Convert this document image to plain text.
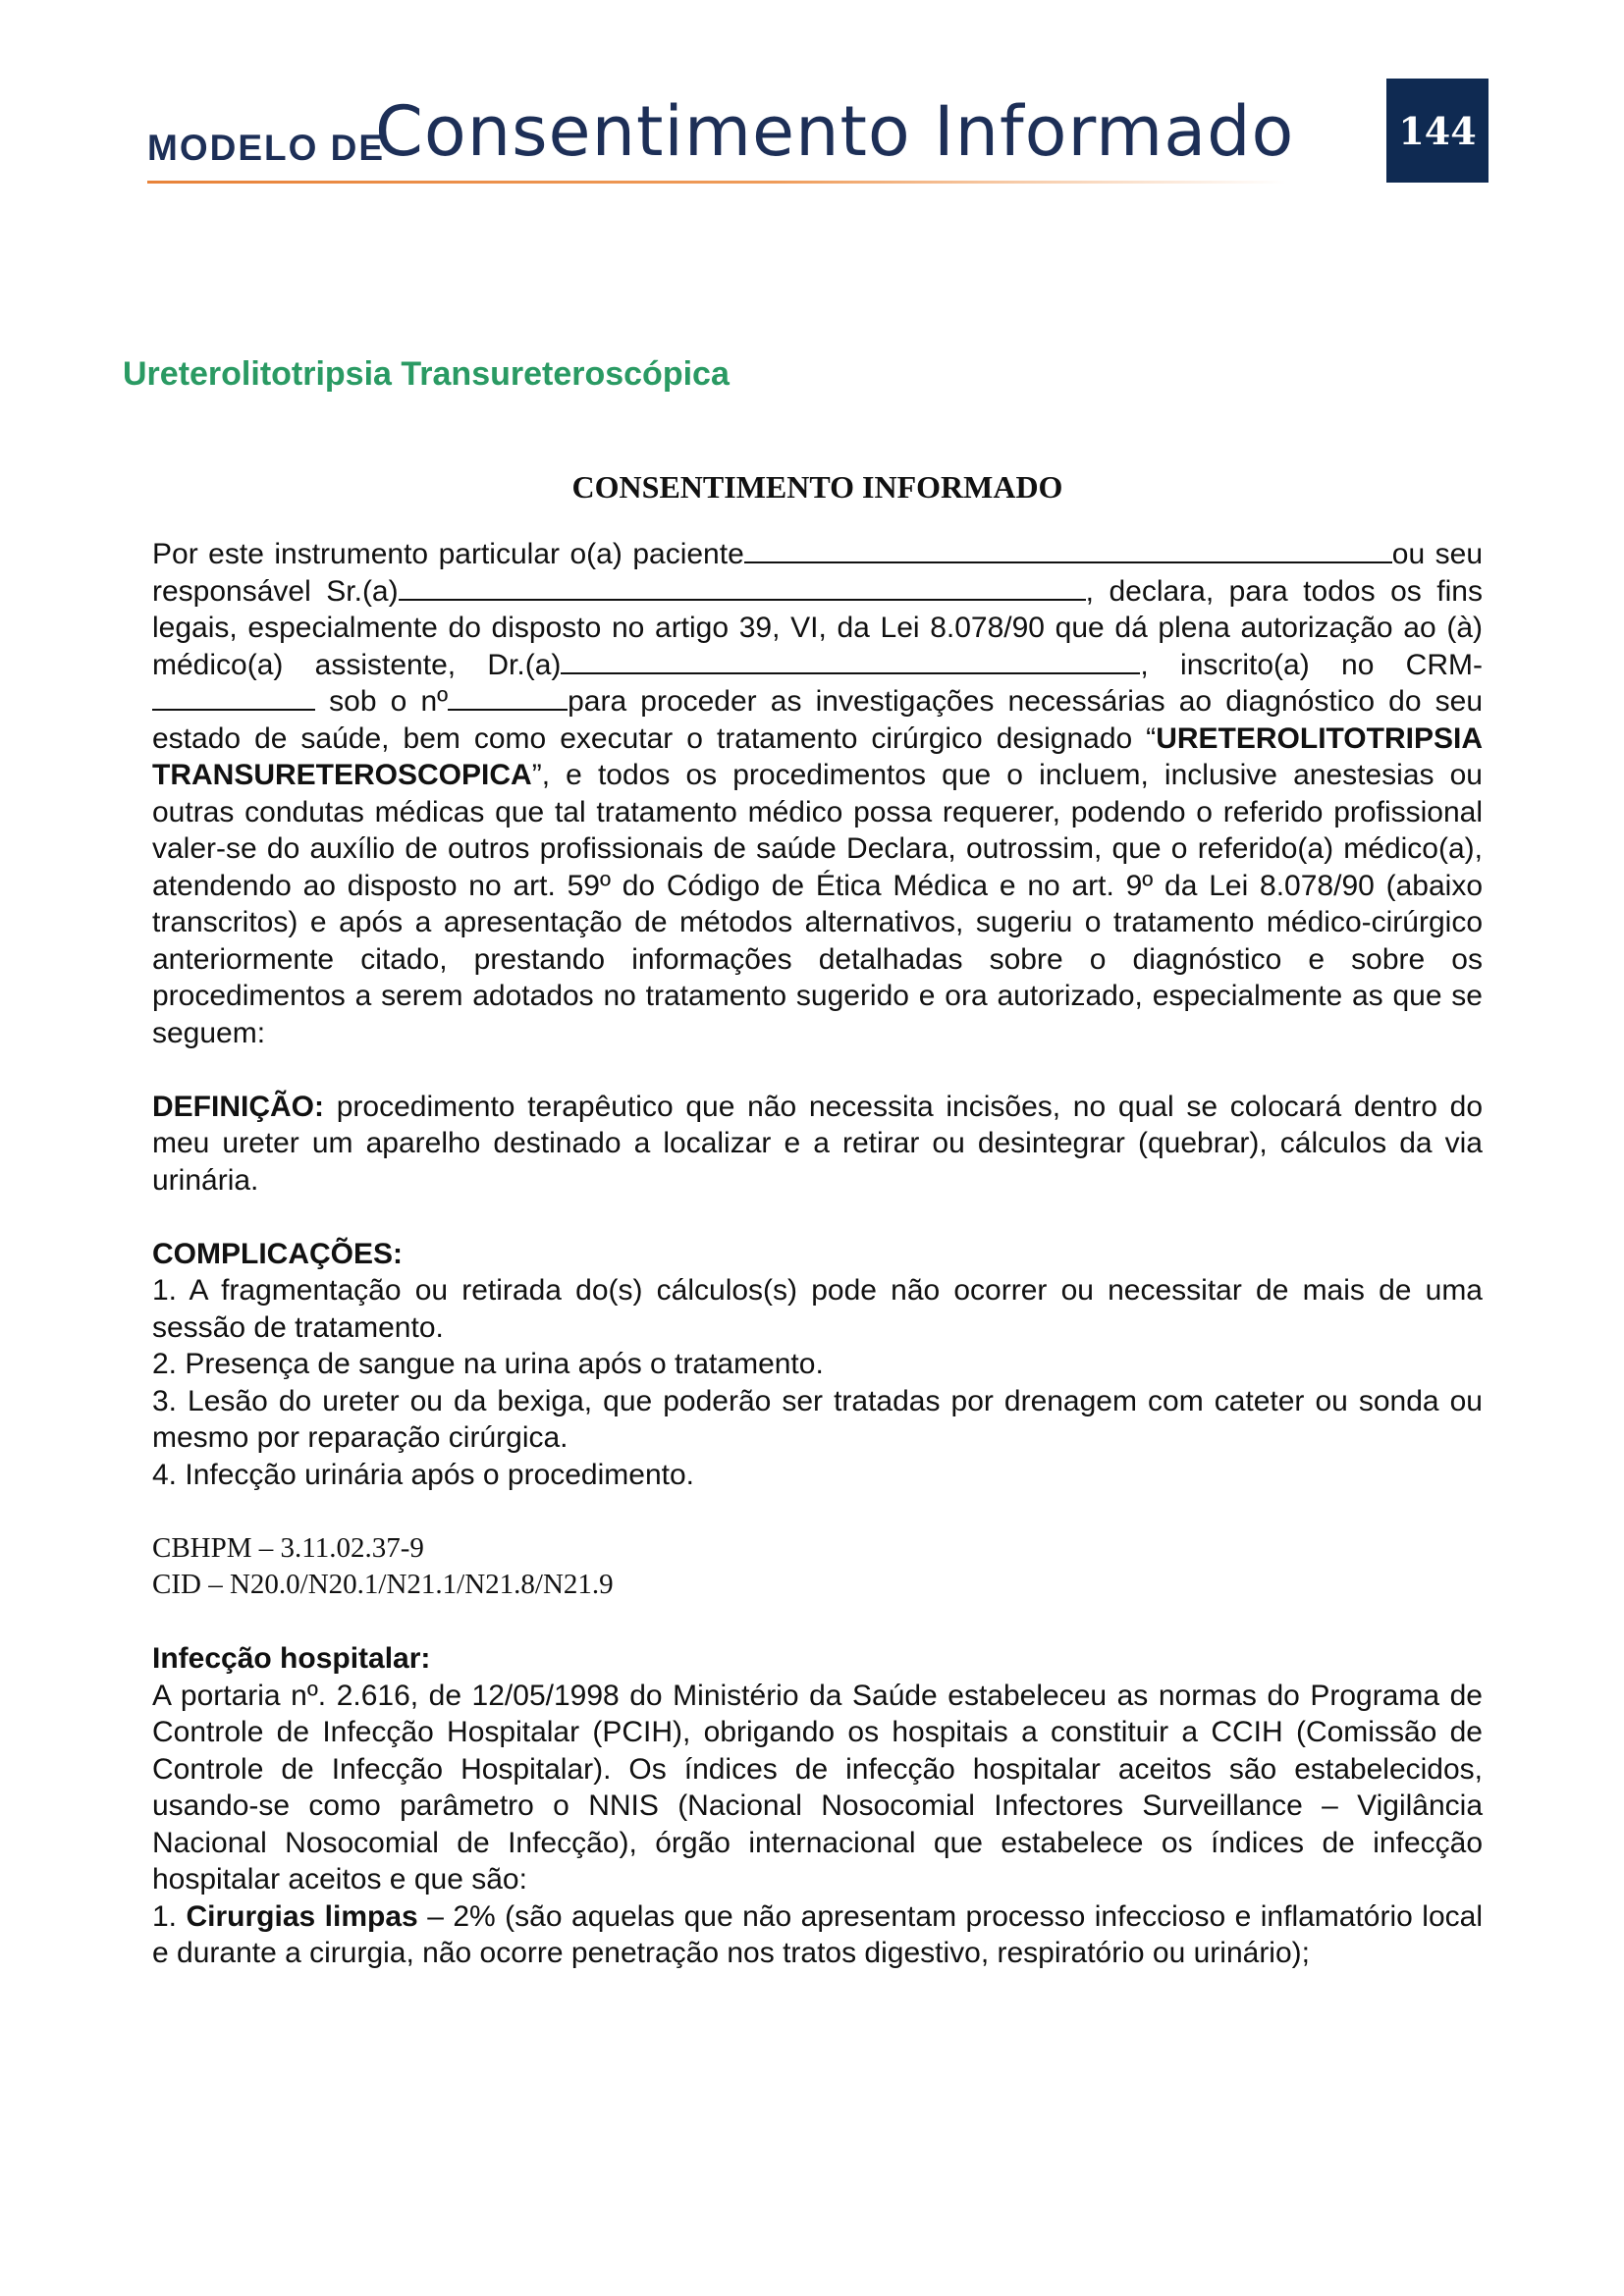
MODELO DE
Consentimento Informado	144
Ureterolitotripsia Transureteroscópica

CONSENTIMENTO INFORMADO

Por este instrumento particular o(a) paciente	ou seu responsável Sr.(a)	, declara, para todos os fins legais, especialmente do disposto no artigo 39, VI, da Lei 8.078/90 que dá plena autorização ao (à) médico(a) assistente, Dr.(a)	, inscrito(a) no CRM- sob o nº	para proceder as investigações necessárias ao diagnóstico do seu estado de saúde, bem como executar o tratamento cirúrgico designado “URETEROLITOTRIPSIA TRANSURETEROSCOPICA”, e todos os procedimentos que o incluem, inclusive anestesias ou outras condutas médicas que tal tratamento médico possa requerer, podendo o referido profissional valer-se do auxílio de outros profissionais de saúde Declara, outrossim, que o referido(a) médico(a), atendendo ao disposto no art. 59º do Código de Ética Médica e no art. 9º da Lei 8.078/90 (abaixo transcritos) e após a apresentação de métodos alternativos, sugeriu o tratamento médico-cirúrgico anteriormente citado, prestando informações detalhadas sobre o diagnóstico e sobre os procedimentos a serem adotados no tratamento sugerido e ora autorizado, especialmente as que se seguem:

DEFINIÇÃO: procedimento terapêutico que não necessita incisões, no qual se colocará dentro do meu ureter um aparelho destinado a localizar e a retirar ou desintegrar (quebrar), cálculos da via urinária.

COMPLICAÇÕES:

1. A fragmentação ou retirada do(s) cálculos(s) pode não ocorrer ou necessitar de mais de uma sessão de tratamento.

2. Presença de sangue na urina após o tratamento.

3. Lesão do ureter ou da bexiga, que poderão ser tratadas por drenagem com cateter ou sonda ou mesmo por reparação cirúrgica.

4. Infecção urinária após o procedimento.

CBHPM – 3.11.02.37-9

CID – N20.0/N20.1/N21.1/N21.8/N21.9

Infecção hospitalar:

A portaria nº. 2.616, de 12/05/1998 do Ministério da Saúde estabeleceu as normas do Programa de Controle de Infecção Hospitalar (PCIH), obrigando os hospitais a constituir a CCIH (Comissão de Controle de Infecção Hospitalar). Os índices de infecção hospitalar aceitos são estabelecidos, usando-se como parâmetro o NNIS (Nacional Nosocomial Infectores Surveillance – Vigilância Nacional Nosocomial de Infecção), órgão internacional que estabelece os índices de infecção hospitalar aceitos e que são:

1. Cirurgias limpas – 2% (são aquelas que não apresentam processo infeccioso e inflamatório local e durante a cirurgia, não ocorre penetração nos tratos digestivo, respiratório ou urinário);
